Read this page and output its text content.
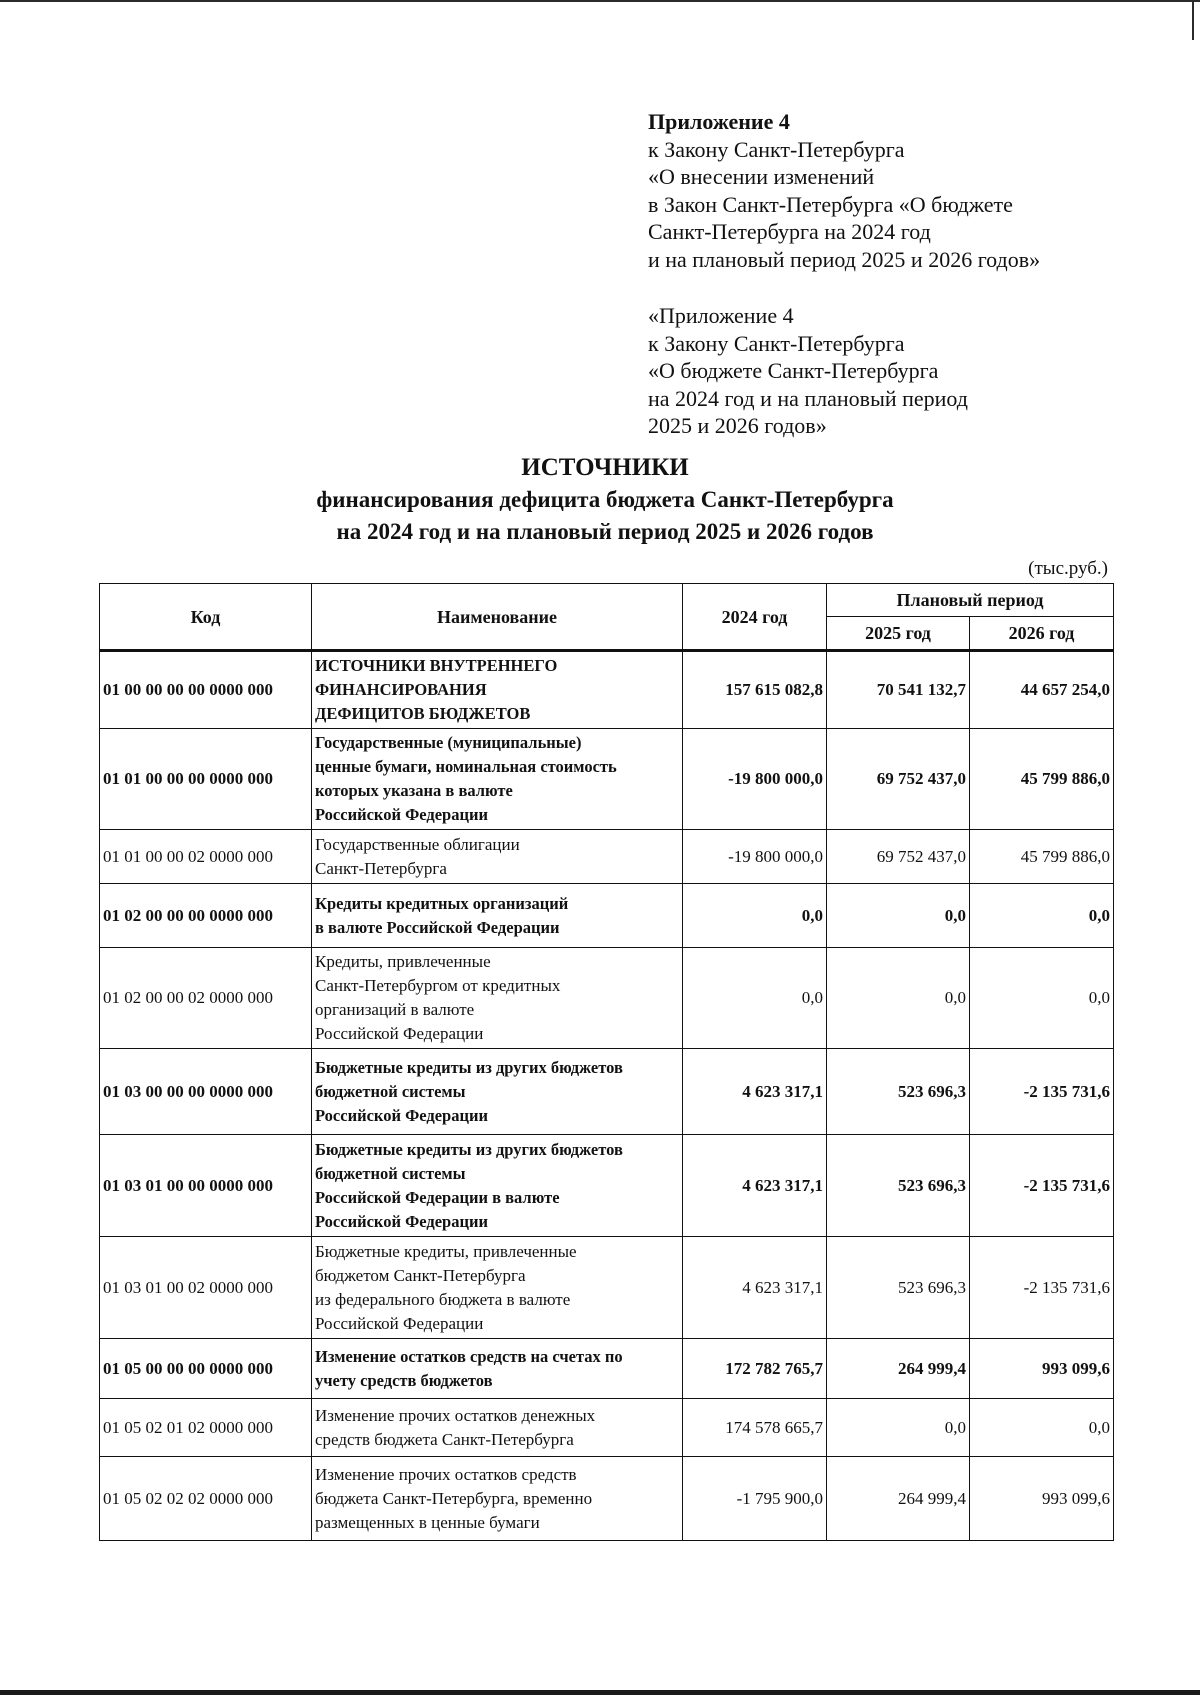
Приложение 4
к Закону Санкт-Петербурга
«О внесении изменений
в Закон Санкт-Петербурга «О бюджете
Санкт-Петербурга на 2024 год
и на плановый период 2025 и 2026 годов»
«Приложение 4
к Закону Санкт-Петербурга
«О бюджете Санкт-Петербурга
на 2024 год и на плановый период
2025 и 2026 годов»
ИСТОЧНИКИ
финансирования дефицита бюджета Санкт-Петербурга
на 2024 год и на плановый период 2025 и 2026 годов
(тыс.руб.)
Код	Наименование	2024 год	Плановый период	
			2025 год	2026 год
01 00 00 00 00 0000 000	ИСТОЧНИКИ ВНУТРЕННЕГО
ФИНАНСИРОВАНИЯ
ДЕФИЦИТОВ БЮДЖЕТОВ	157 615 082,8	70 541 132,7	44 657 254,0
01 01 00 00 00 0000 000	Государственные (муниципальные)
ценные бумаги, номинальная стоимость
которых указана в валюте
Российской Федерации	-19 800 000,0	69 752 437,0	45 799 886,0
01 01 00 00 02 0000 000	Государственные облигации
Санкт-Петербурга	-19 800 000,0	69 752 437,0	45 799 886,0
01 02 00 00 00 0000 000	Кредиты кредитных организаций
в валюте Российской Федерации	0,0	0,0	0,0
01 02 00 00 02 0000 000	Кредиты, привлеченные
Санкт-Петербургом от кредитных
организаций в валюте
Российской Федерации	0,0	0,0	0,0
01 03 00 00 00 0000 000	Бюджетные кредиты из других бюджетов
бюджетной системы
Российской Федерации	4 623 317,1	523 696,3	-2 135 731,6
01 03 01 00 00 0000 000	Бюджетные кредиты из других бюджетов
бюджетной системы
Российской Федерации в валюте
Российской Федерации	4 623 317,1	523 696,3	-2 135 731,6
01 03 01 00 02 0000 000	Бюджетные кредиты, привлеченные
бюджетом Санкт-Петербурга
из федерального бюджета в валюте
Российской Федерации	4 623 317,1	523 696,3	-2 135 731,6
01 05 00 00 00 0000 000	Изменение остатков средств на счетах по
учету средств бюджетов	172 782 765,7	264 999,4	993 099,6
01 05 02 01 02 0000 000	Изменение прочих остатков денежных
средств бюджета Санкт-Петербурга	174 578 665,7	0,0	0,0
01 05 02 02 02 0000 000	Изменение прочих остатков средств
бюджета Санкт-Петербурга, временно
размещенных в ценные бумаги	-1 795 900,0	264 999,4	993 099,6
